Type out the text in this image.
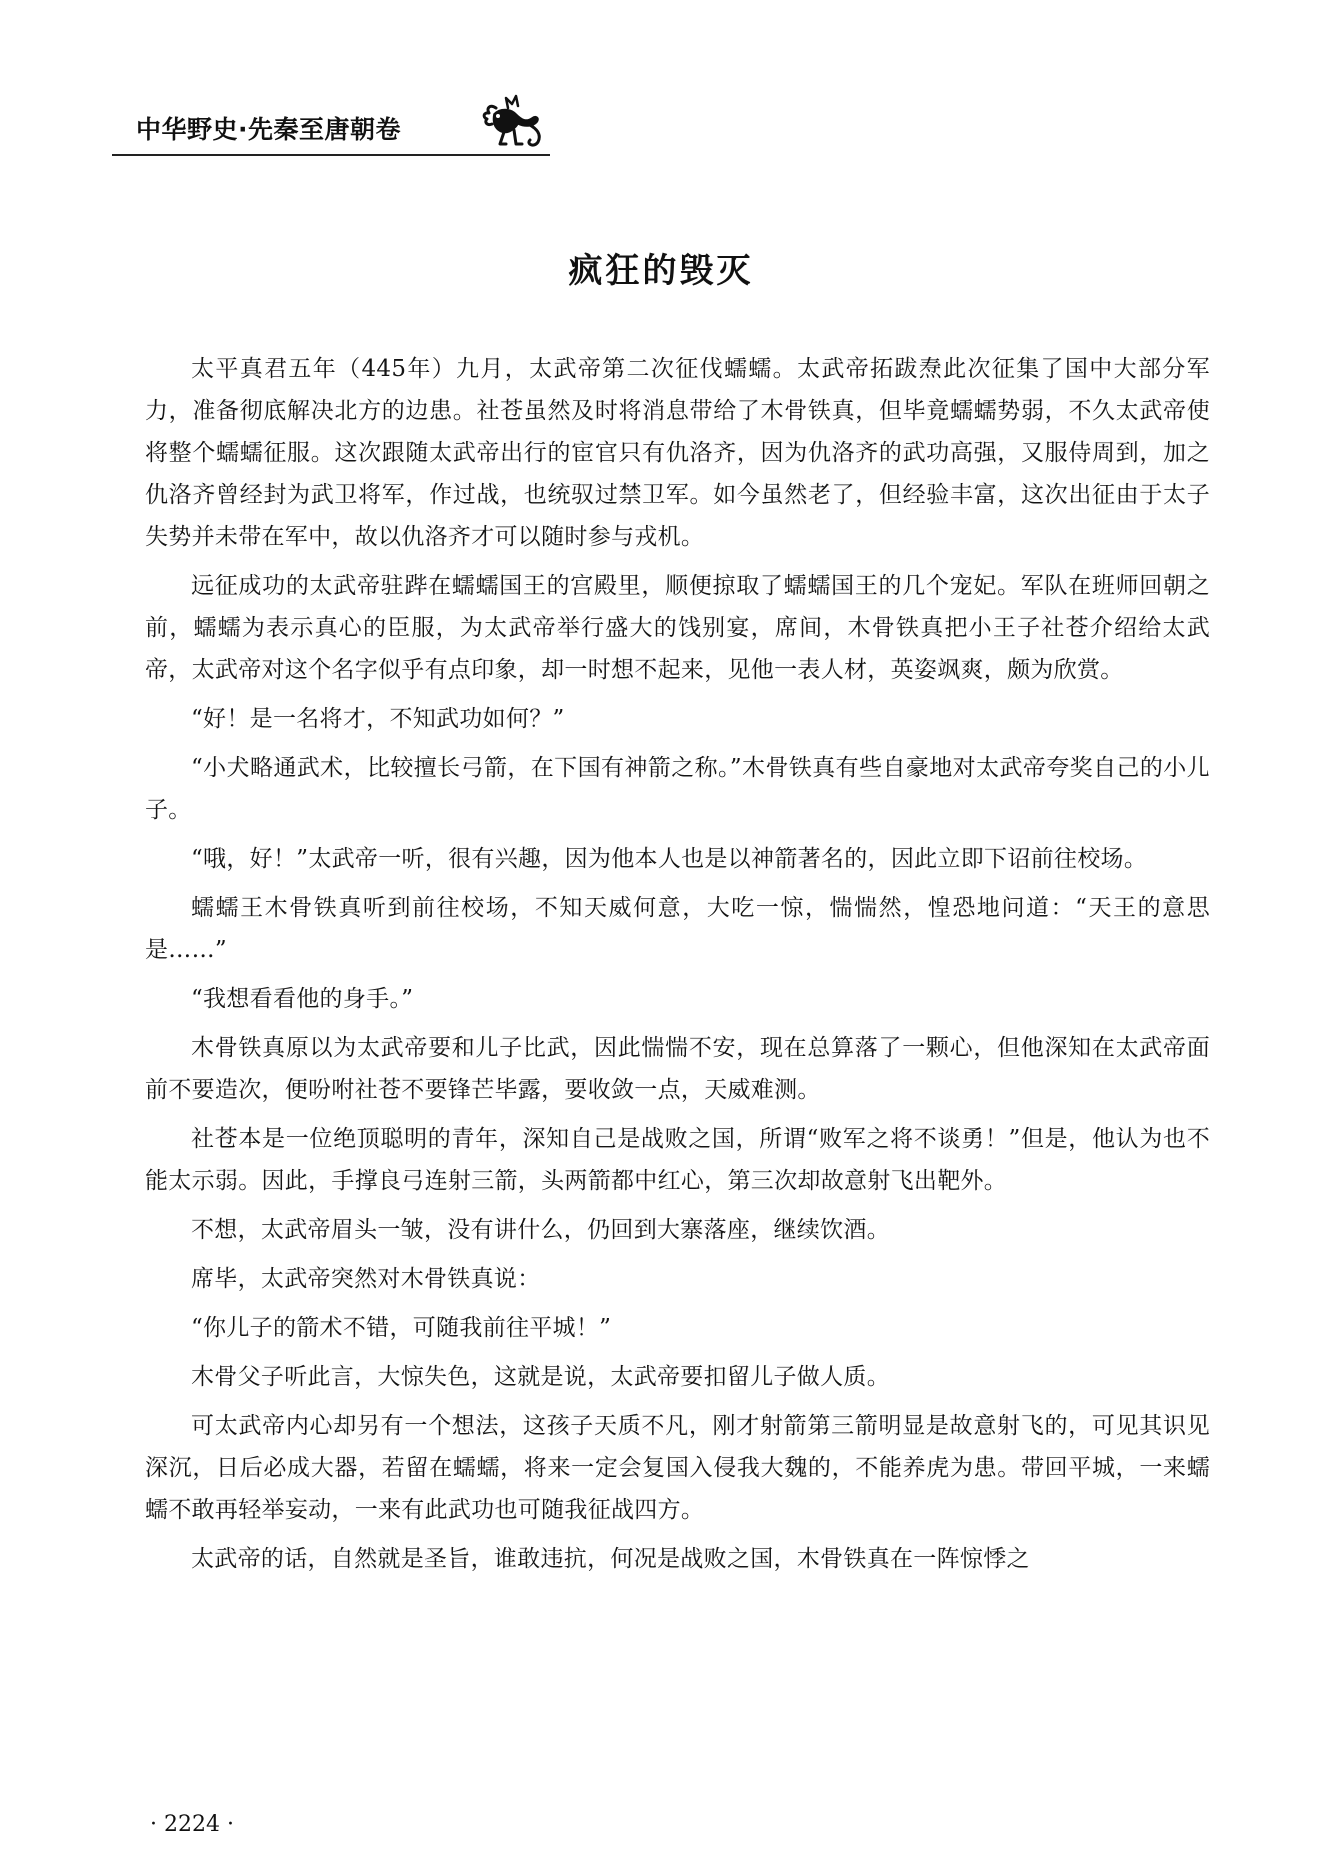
中华野史·先秦至唐朝卷
疯狂的毁灭

太平真君五年（445年）九月，太武帝第二次征伐蠕蠕。太武帝拓跋焘此次征集了国中大部分军力，准备彻底解决北方的边患。社苍虽然及时将消息带给了木骨铁真，但毕竟蠕蠕势弱，不久太武帝使将整个蠕蠕征服。这次跟随太武帝出行的宦官只有仇洛齐，因为仇洛齐的武功高强，又服侍周到，加之仇洛齐曾经封为武卫将军，作过战，也统驭过禁卫军。如今虽然老了，但经验丰富，这次出征由于太子失势并未带在军中，故以仇洛齐才可以随时参与戎机。

远征成功的太武帝驻跸在蠕蠕国王的宫殿里，顺便掠取了蠕蠕国王的几个宠妃。军队在班师回朝之前，蠕蠕为表示真心的臣服，为太武帝举行盛大的饯别宴，席间，木骨铁真把小王子社苍介绍给太武帝，太武帝对这个名字似乎有点印象，却一时想不起来，见他一表人材，英姿飒爽，颇为欣赏。

“好！是一名将才，不知武功如何？”

“小犬略通武术，比较擅长弓箭，在下国有神箭之称。”木骨铁真有些自豪地对太武帝夸奖自己的小儿子。

“哦，好！”太武帝一听，很有兴趣，因为他本人也是以神箭著名的，因此立即下诏前往校场。

蠕蠕王木骨铁真听到前往校场，不知天威何意，大吃一惊，惴惴然，惶恐地问道：“天王的意思是……”

“我想看看他的身手。”

木骨铁真原以为太武帝要和儿子比武，因此惴惴不安，现在总算落了一颗心，但他深知在太武帝面前不要造次，便吩咐社苍不要锋芒毕露，要收敛一点，天威难测。

社苍本是一位绝顶聪明的青年，深知自己是战败之国，所谓“败军之将不谈勇！”但是，他认为也不能太示弱。因此，手撑良弓连射三箭，头两箭都中红心，第三次却故意射飞出靶外。

不想，太武帝眉头一皱，没有讲什么，仍回到大寨落座，继续饮酒。

席毕，太武帝突然对木骨铁真说：

“你儿子的箭术不错，可随我前往平城！”

木骨父子听此言，大惊失色，这就是说，太武帝要扣留儿子做人质。

可太武帝内心却另有一个想法，这孩子天质不凡，刚才射箭第三箭明显是故意射飞的，可见其识见深沉，日后必成大器，若留在蠕蠕，将来一定会复国入侵我大魏的，不能养虎为患。带回平城，一来蠕蠕不敢再轻举妄动，一来有此武功也可随我征战四方。

太武帝的话，自然就是圣旨，谁敢违抗，何况是战败之国，木骨铁真在一阵惊悸之

· 2224 ·
